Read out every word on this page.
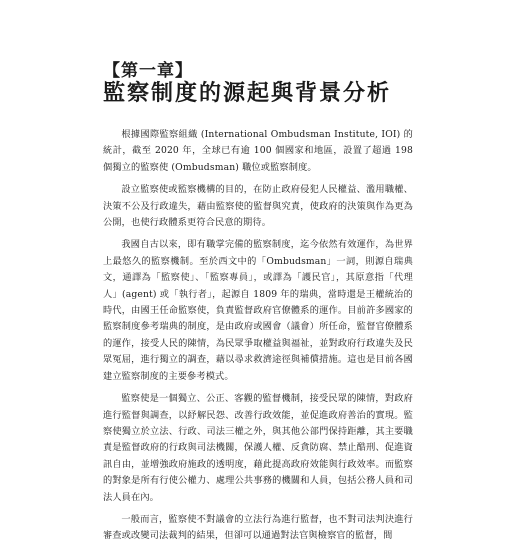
【第一章】
監察制度的源起與背景分析

根據國際監察組織 (International Ombudsman Institute, IOI) 的統計，截至 2020 年，全球已有逾 100 個國家和地區，設置了超過 198 個獨立的監察使 (Ombudsman) 職位或監察制度。

設立監察使或監察機構的目的，在防止政府侵犯人民權益、濫用職權、決策不公及行政違失，藉由監察使的監督與究責，使政府的決策與作為更為公開，也使行政體系更符合民意的期待。

我國自古以來，即有職掌完備的監察制度，迄今依然有效運作，為世界上最悠久的監察機制。至於西文中的「Ombudsman」一詞，則源自瑞典文，通譯為「監察使」、「監察專員」，或譯為「護民官」，其原意指「代理人」(agent) 或「執行者」，起源自 1809 年的瑞典，當時還是王權統治的時代，由國王任命監察使，負責監督政府官僚體系的運作。目前許多國家的監察制度參考瑞典的制度，是由政府或國會（議會）所任命，監督官僚體系的運作，接受人民的陳情，為民眾爭取權益與福祉，並對政府行政違失及民眾冤屈，進行獨立的調查，藉以尋求救濟途徑與補償措施。這也是目前各國建立監察制度的主要參考模式。

監察使是一個獨立、公正、客觀的監督機制，接受民眾的陳情，對政府進行監督與調查，以紓解民怨、改善行政效能，並促進政府善治的實現。監察使獨立於立法、行政、司法三權之外，與其他公部門保持距離，其主要職責是監督政府的行政與司法機關，保護人權、反貪防腐、禁止酷刑、促進資訊自由，並增強政府施政的透明度，藉此提高政府效能與行政效率。而監察的對象是所有行使公權力、處理公共事務的機關和人員，包括公務人員和司法人員在內。

一般而言，監察使不對議會的立法行為進行監督，也不對司法判決進行審查或改變司法裁判的結果，但卻可以通過對法官與檢察官的監督，間
